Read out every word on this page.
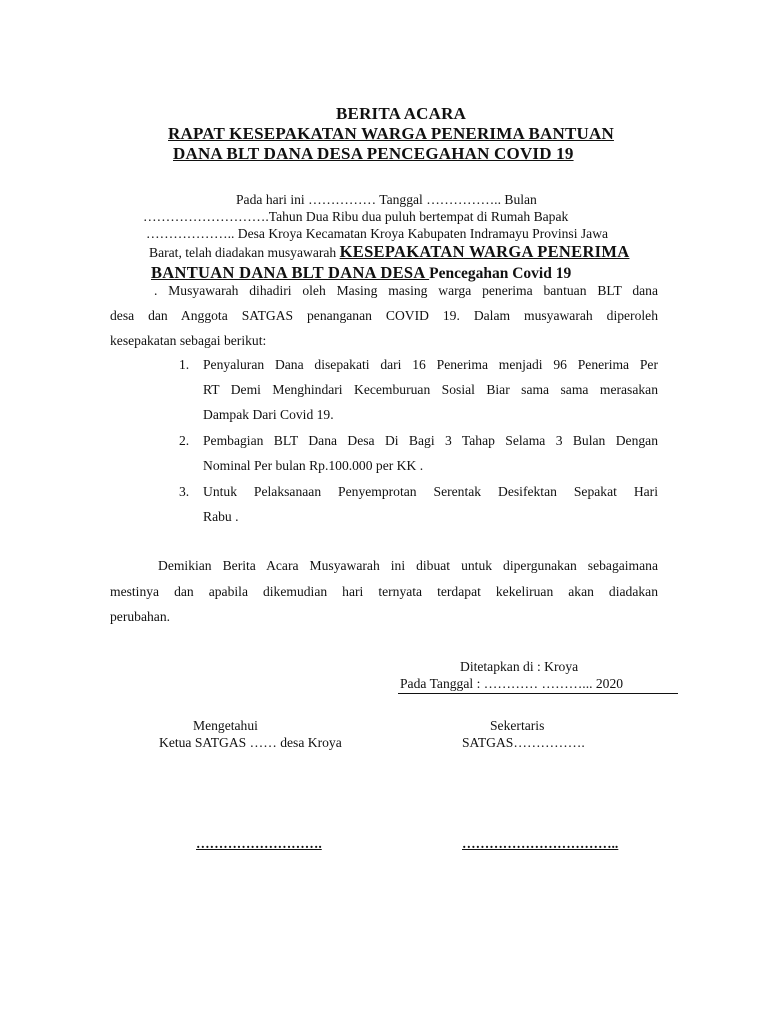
BERITA ACARA
RAPAT KESEPAKATAN WARGA PENERIMA BANTUAN
DANA BLT DANA DESA PENCEGAHAN COVID 19
Pada hari ini …………… Tanggal …………….. Bulan
……………………….Tahun Dua Ribu dua puluh bertempat di Rumah Bapak
……………….. Desa Kroya Kecamatan Kroya Kabupaten Indramayu Provinsi Jawa
Barat, telah diadakan musyawarah KESEPAKATAN WARGA PENERIMA
BANTUAN DANA BLT DANA DESA Pencegahan Covid 19
. Musyawarah dihadiri oleh Masing masing warga penerima bantuan BLT dana
desa dan Anggota SATGAS penanganan COVID 19. Dalam musyawarah diperoleh
kesepakatan sebagai berikut:
1. Penyaluran Dana disepakati dari 16 Penerima menjadi 96 Penerima Per
RT Demi Menghindari Kecemburuan Sosial Biar sama sama merasakan
Dampak Dari Covid 19.
2. Pembagian BLT Dana Desa Di Bagi 3 Tahap Selama 3 Bulan Dengan
Nominal Per bulan Rp.100.000 per KK .
3. Untuk Pelaksanaan Penyemprotan Serentak Desifektan Sepakat Hari
Rabu .
Demikian Berita Acara Musyawarah ini dibuat untuk dipergunakan sebagaimana
mestinya dan apabila dikemudian hari ternyata terdapat kekeliruan akan diadakan
perubahan.
Ditetapkan di : Kroya
Pada Tanggal : ………… ………... 2020
Mengetahui
Ketua SATGAS …… desa Kroya
……………………….
Sekertaris
SATGAS…………….
……………………………..
